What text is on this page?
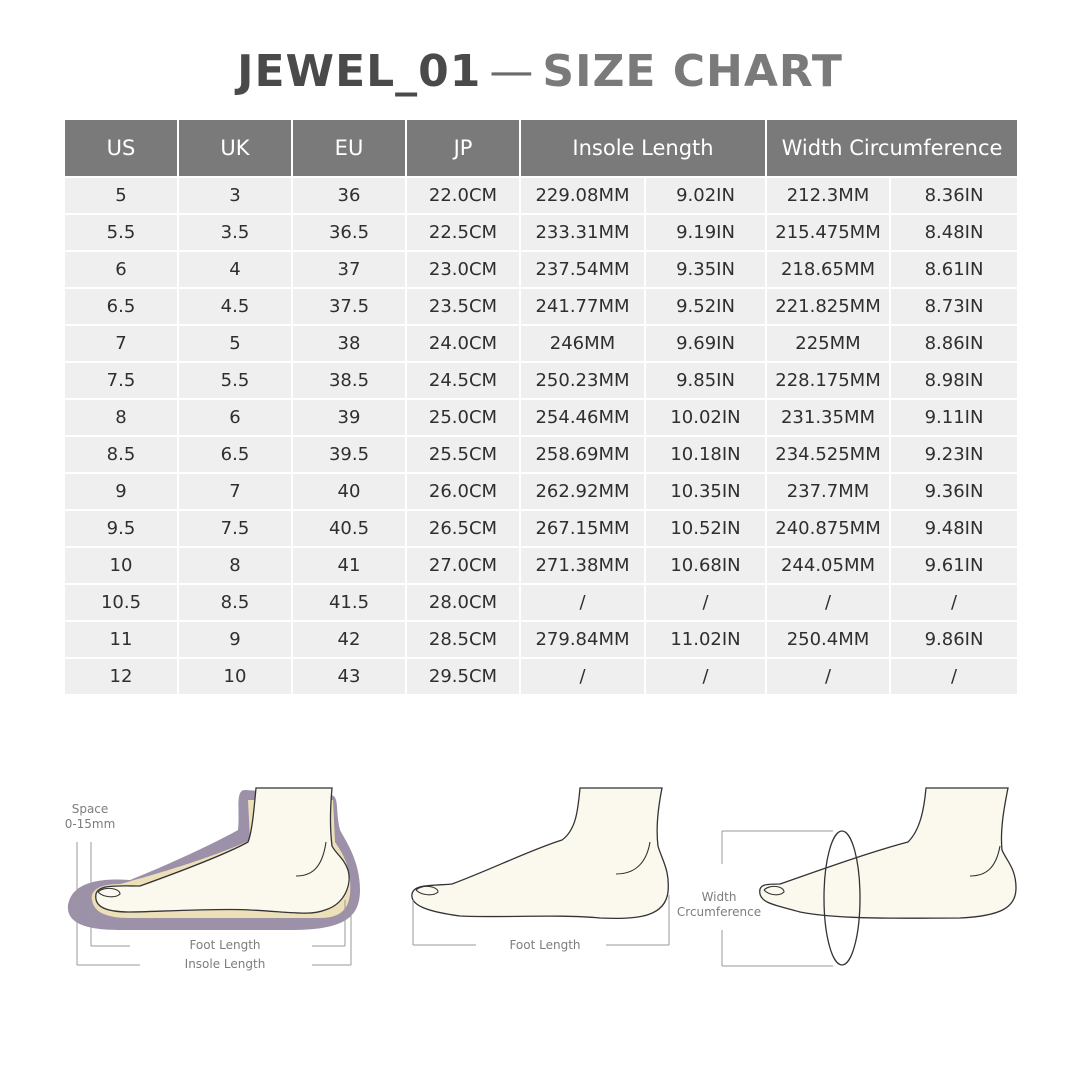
JEWEL_01 — SIZE CHART
US	UK	EU	JP	Insole Length		Width Circumference	
5	3	36	22.0CM	229.08MM	9.02IN	212.3MM	8.36IN
5.5	3.5	36.5	22.5CM	233.31MM	9.19IN	215.475MM	8.48IN
6	4	37	23.0CM	237.54MM	9.35IN	218.65MM	8.61IN
6.5	4.5	37.5	23.5CM	241.77MM	9.52IN	221.825MM	8.73IN
7	5	38	24.0CM	246MM	9.69IN	225MM	8.86IN
7.5	5.5	38.5	24.5CM	250.23MM	9.85IN	228.175MM	8.98IN
8	6	39	25.0CM	254.46MM	10.02IN	231.35MM	9.11IN
8.5	6.5	39.5	25.5CM	258.69MM	10.18IN	234.525MM	9.23IN
9	7	40	26.0CM	262.92MM	10.35IN	237.7MM	9.36IN
9.5	7.5	40.5	26.5CM	267.15MM	10.52IN	240.875MM	9.48IN
10	8	41	27.0CM	271.38MM	10.68IN	244.05MM	9.61IN
10.5	8.5	41.5	28.0CM	/	/	/	/
11	9	42	28.5CM	279.84MM	11.02IN	250.4MM	9.86IN
12	10	43	29.5CM	/	/	/	/
Space
0-15mm
Foot Length
Insole Length
Foot Length
Width
Crcumference
